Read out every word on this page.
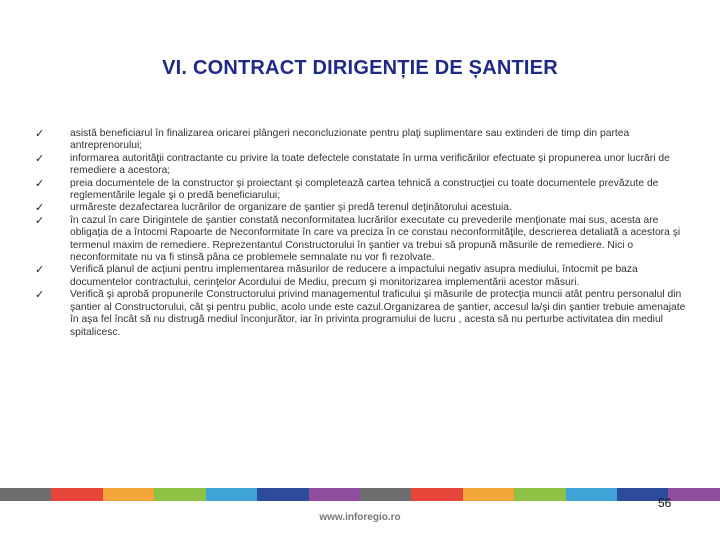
VI. CONTRACT DIRIGENȚIE DE ȘANTIER
✓	asistă beneficiarul în finalizarea oricarei plângeri neconcluzionate pentru plaţi suplimentare sau extinderi de timp din partea antreprenorului;
✓	informarea autorităţii contractante cu privire la toate defectele constatate în urma verificărilor efectuate şi propunerea unor lucrări de remediere a acestora;
✓	preia documentele de la constructor şi proiectant şi completează cartea tehnică a construcţiei cu toate documentele prevăzute de reglementările legale şi o predă beneficiarului;
✓	urmăreste dezafectarea lucrărilor de organizare de şantier şi predă terenul deţinătorului acestuia.
✓	în cazul în care Dirigintele de şantier constată neconformitatea lucrărilor executate cu prevederile menţionate mai sus, acesta are obligaţia de a întocmi Rapoarte de Neconformitate în care va preciza în ce constau neconformităţile, descrierea detaliată a acestora şi termenul maxim de remediere. Reprezentantul Constructorului în şantier va trebui să propună măsurile de remediere. Nici o neconformitate nu va fi stinsă pâna ce problemele semnalate nu vor fi rezolvate.
✓	Verifică planul de acţiuni pentru implementarea măsurilor de reducere a impactului negativ asupra mediului, întocmit pe baza documentelor contractului, cerinţelor Acordului de Mediu, precum şi monitorizarea implementării acestor măsuri.
✓	Verifică şi aprobă propunerile Constructorului privind managementul traficului şi măsurile de protecţia muncii atât pentru personalul din şantier al Constructorului, cât şi pentru public, acolo unde este cazul.Organizarea de şantier, accesul la/şi din şantier trebuie amenajate în aşa fel încât să nu distrugă mediul înconjurător, iar în privinta programului de lucru , acesta să nu perturbe activitatea din mediul spitalicesc.
56
www.inforegio.ro
